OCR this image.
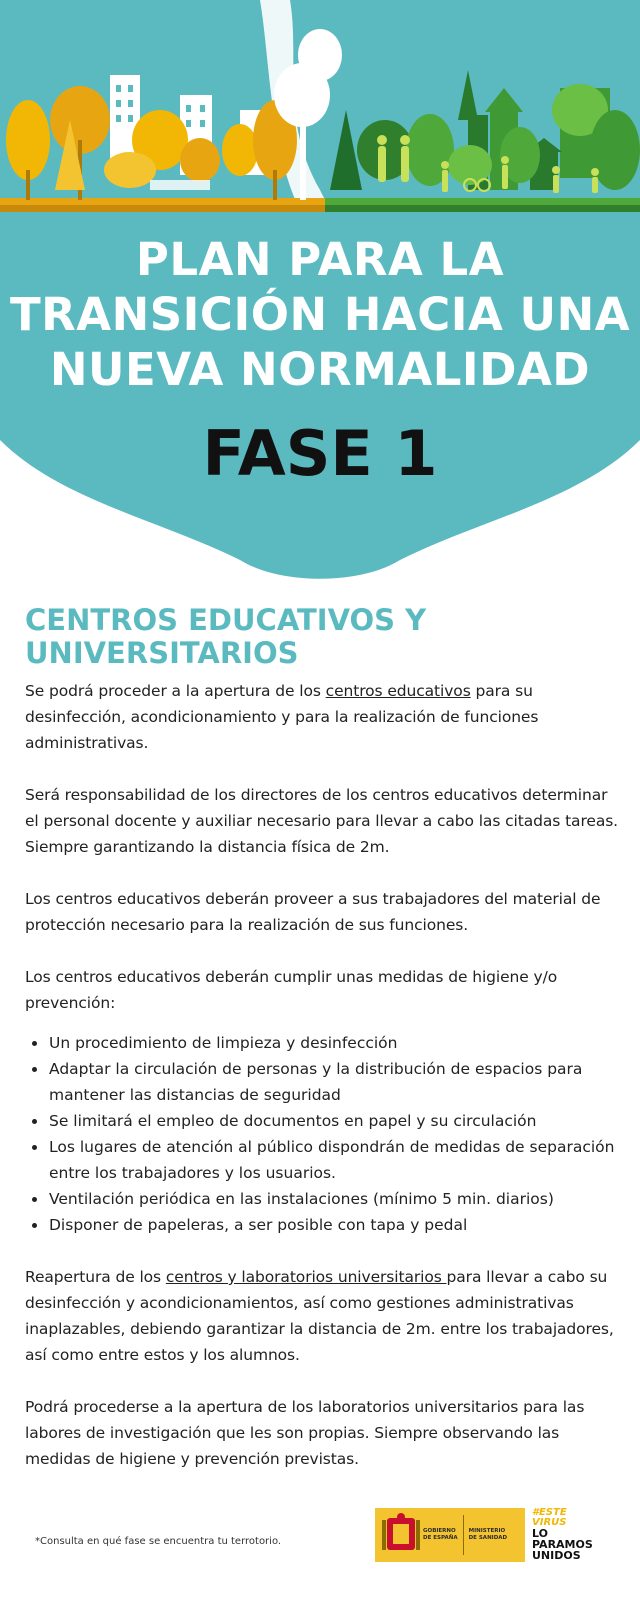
PLAN PARA LA
TRANSICIÓN HACIA UNA
NUEVA NORMALIDAD
FASE 1
CENTROS EDUCATIVOS Y
UNIVERSITARIOS

Se podrá proceder a la apertura de los centros educativos para su desinfección, acondicionamiento y para la realización de funciones administrativas.

Será responsabilidad de los directores de los centros educativos determinar el personal docente y auxiliar necesario para llevar a cabo las citadas tareas. Siempre garantizando la distancia física de 2m.

Los centros educativos deberán proveer a sus trabajadores del material de protección necesario para la realización de sus funciones.

Los centros educativos deberán cumplir unas medidas de higiene y/o prevención:

Un procedimiento de limpieza y desinfección
Adaptar la circulación de personas y la distribución de espacios para mantener las distancias de seguridad
Se limitará el empleo de documentos en papel y su circulación
Los lugares de atención al público dispondrán de medidas de separación entre los trabajadores y los usuarios.
Ventilación periódica en las instalaciones (mínimo 5 min. diarios)
Disponer de papeleras, a ser posible con tapa y pedal

Reapertura de los centros y laboratorios universitarios para llevar a cabo su desinfección y acondicionamientos, así como gestiones administrativas inaplazables, debiendo garantizar la distancia de 2m. entre los trabajadores, así como entre estos y los alumnos.

Podrá procederse a la apertura de los laboratorios universitarios para las labores de investigación que les son propias. Siempre observando las medidas de higiene y prevención previstas.

*Consulta en qué fase se encuentra tu terrotorio.
GOBIERNO
DE ESPAÑA
MINISTERIO
DE SANIDAD
#ESTE
VIRUS
LO
PARAMOS
UNIDOS
